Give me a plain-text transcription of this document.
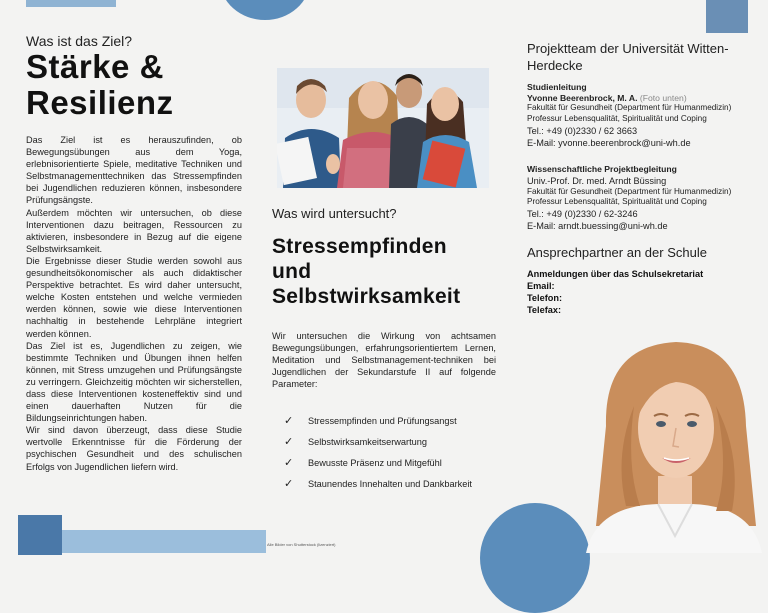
Was ist das Ziel?
Stärke &
Resilienz

Das Ziel ist es herauszufinden, ob Bewegungsübungen aus dem Yoga, erlebnisorientierte Spiele, meditative Techniken und Selbstmanagementtechniken das Stressempfinden bei Jugendlichen reduzieren können, insbesondere Prüfungsängste.

Außerdem möchten wir untersuchen, ob diese Interventionen dazu beitragen, Ressourcen zu aktivieren, insbesondere in Bezug auf die eigene Selbstwirksamkeit.

Die Ergebnisse dieser Studie werden sowohl aus gesundheitsökonomischer als auch didaktischer Perspektive betrachtet. Es wird daher untersucht, welche Kosten entstehen und welche vermieden werden können, sowie wie diese Interventionen nachhaltig in bestehende Lehrpläne integriert werden können.

Das Ziel ist es, Jugendlichen zu zeigen, wie bestimmte Techniken und Übungen ihnen helfen können, mit Stress umzugehen und Prüfungsängste zu verringern. Gleichzeitig möchten wir sicherstellen, dass diese Interventionen kosteneffektiv sind und einen dauerhaften Nutzen für die Bildungseinrichtungen haben.

Wir sind davon überzeugt, dass diese Studie wertvolle Erkenntnisse für die Förderung der psychischen Gesundheit und des schulischen Erfolgs von Jugendlichen liefern wird.

Was wird untersucht?
Stressempfinden
und
Selbstwirksamkeit
Wir untersuchen die Wirkung von achtsamen Bewegungsübungen, erfahrungsorientiertem Lernen, Meditation und Selbstmanagement-techniken bei Jugendlichen der Sekundarstufe II auf folgende Parameter:
✓	Stressempfinden und Prüfungsangst
✓	Selbstwirksamkeitserwartung
✓	Bewusste Präsenz und Mitgefühl
✓	Staunendes Innehalten und Dankbarkeit
Alle Bilder von Shutterstock (lizenziert)
Projektteam der Universität Witten-Herdecke
Studienleitung
Yvonne Beerenbrock, M. A. (Foto unten)
Fakultät für Gesundheit (Department für Humanmedizin)
Professur Lebensqualität, Spiritualität und Coping
Tel.: +49 (0)2330 / 62 3663
E-Mail: yvonne.beerenbrock@uni-wh.de
Wissenschaftliche Projektbegleitung
Univ.-Prof. Dr. med. Arndt Büssing
Fakultät für Gesundheit (Department für Humanmedizin)
Professur Lebensqualität, Spiritualität und Coping
Tel.: +49 (0)2330 / 62-3246
E-Mail: arndt.buessing@uni-wh.de
Ansprechpartner an der Schule
Anmeldungen über das Schulsekretariat
Email:
Telefon:
Telefax:
